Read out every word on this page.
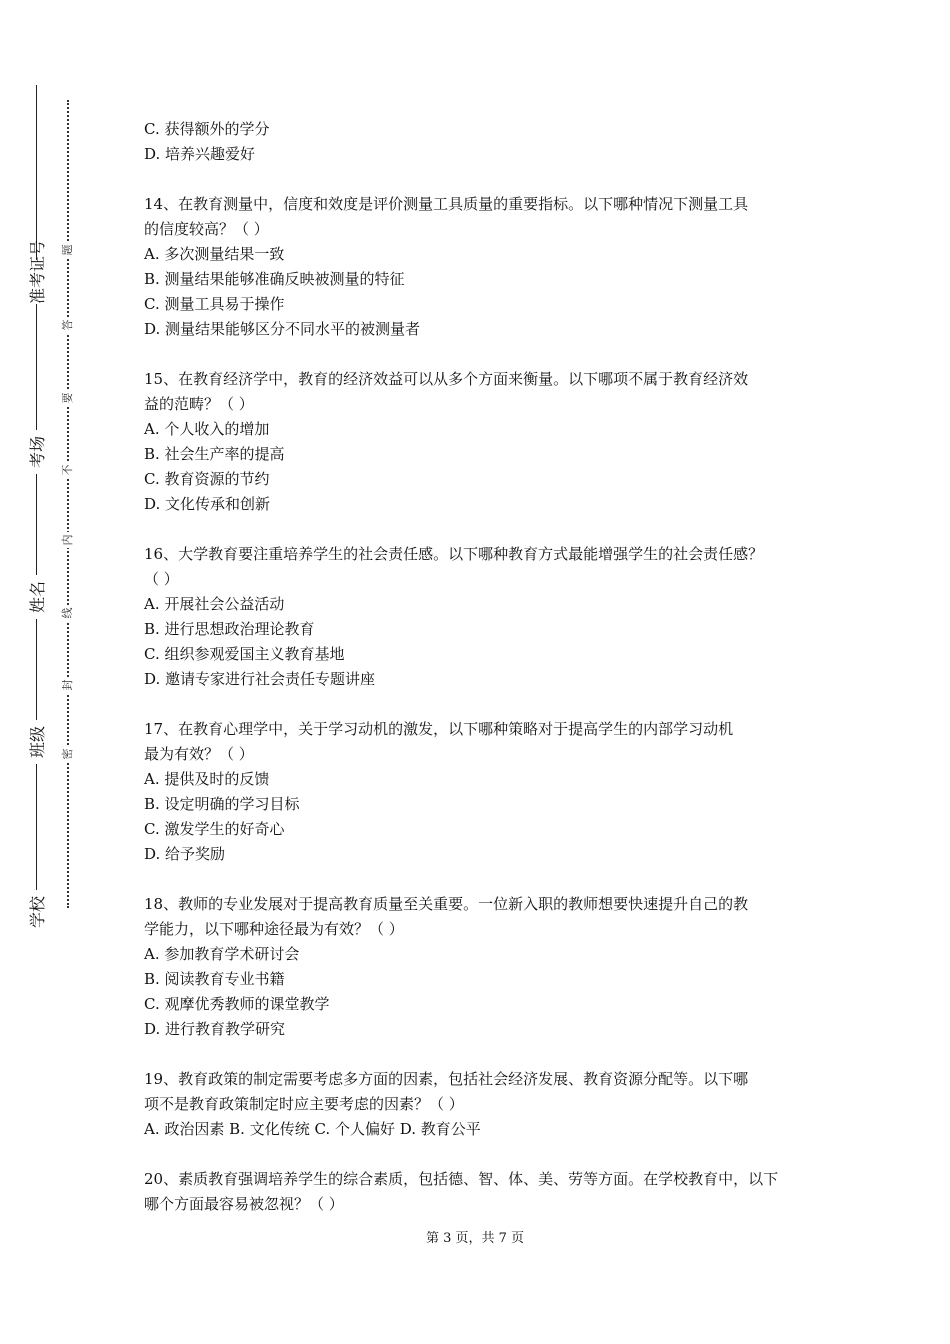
准考证号
考场
姓名
班级
学校
题
答
要
不
内
线
封
密
C. 获得额外的学分
D. 培养兴趣爱好
14、在教育测量中，信度和效度是评价测量工具质量的重要指标。以下哪种情况下测量工具
的信度较高？（ ）
A. 多次测量结果一致
B. 测量结果能够准确反映被测量的特征
C. 测量工具易于操作
D. 测量结果能够区分不同水平的被测量者
15、在教育经济学中，教育的经济效益可以从多个方面来衡量。以下哪项不属于教育经济效
益的范畴？（ ）
A. 个人收入的增加
B. 社会生产率的提高
C. 教育资源的节约
D. 文化传承和创新
16、大学教育要注重培养学生的社会责任感。以下哪种教育方式最能增强学生的社会责任感？
（ ）
A. 开展社会公益活动
B. 进行思想政治理论教育
C. 组织参观爱国主义教育基地
D. 邀请专家进行社会责任专题讲座
17、在教育心理学中，关于学习动机的激发，以下哪种策略对于提高学生的内部学习动机
最为有效？（ ）
A. 提供及时的反馈
B. 设定明确的学习目标
C. 激发学生的好奇心
D. 给予奖励
18、教师的专业发展对于提高教育质量至关重要。一位新入职的教师想要快速提升自己的教
学能力，以下哪种途径最为有效？（ ）
A. 参加教育学术研讨会
B. 阅读教育专业书籍
C. 观摩优秀教师的课堂教学
D. 进行教育教学研究
19、教育政策的制定需要考虑多方面的因素，包括社会经济发展、教育资源分配等。以下哪
项不是教育政策制定时应主要考虑的因素？（ ）
A. 政治因素 B. 文化传统 C. 个人偏好 D. 教育公平
20、素质教育强调培养学生的综合素质，包括德、智、体、美、劳等方面。在学校教育中，以下
哪个方面最容易被忽视？（ ）
第 3 页，共 7 页
